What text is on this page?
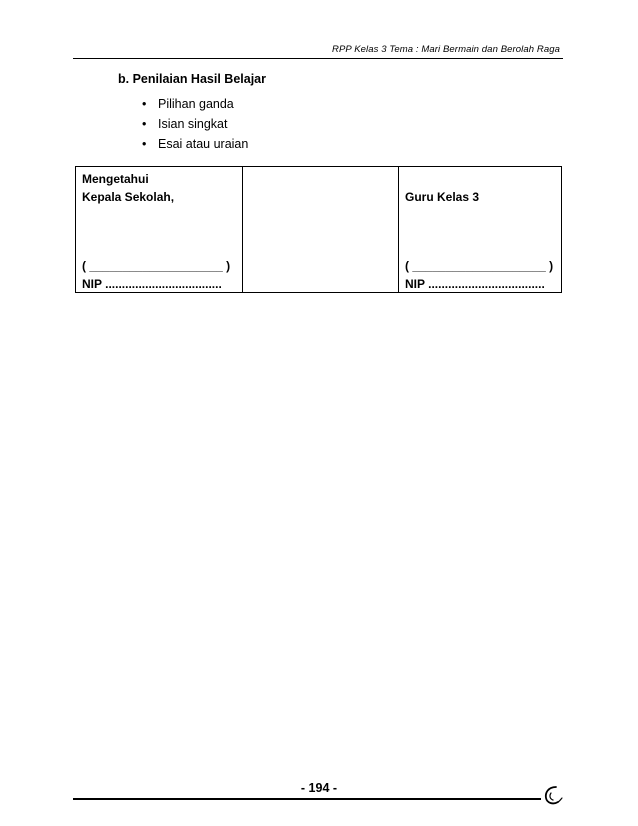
RPP Kelas 3 Tema : Mari Bermain dan Berolah Raga
b. Penilaian Hasil Belajar
• Pilihan ganda
• Isian singkat
• Esai atau uraian
Mengetahui
Kepala Sekolah,
( ____________________ )
NIP ...................................

Guru Kelas 3
( ____________________ )
NIP ...................................
- 194 -
